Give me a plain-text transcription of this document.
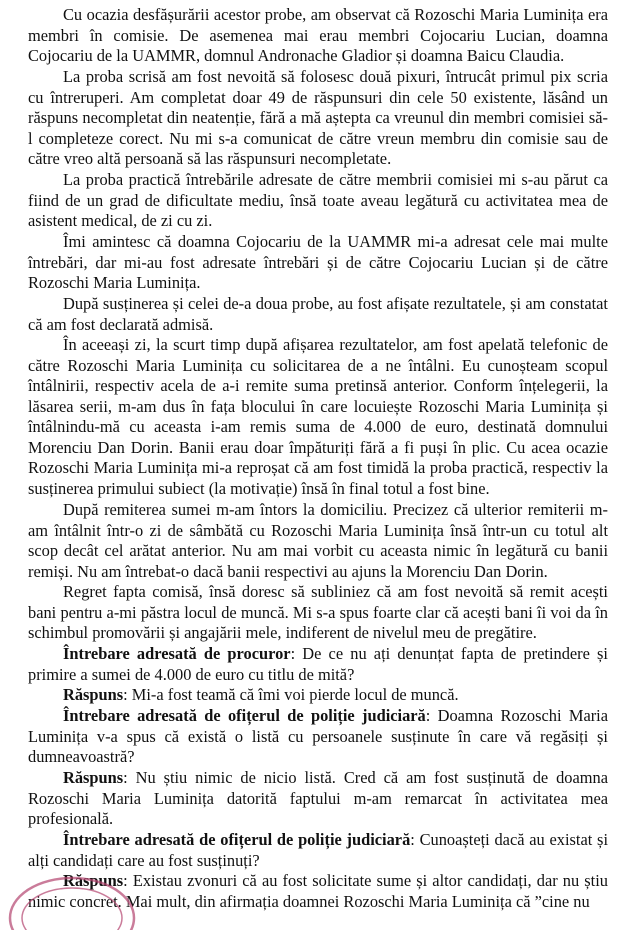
Cu ocazia desfășurării acestor probe, am observat că Rozoschi Maria Luminița era membri în comisie. De asemenea mai erau membri Cojocariu Lucian, doamna Cojocariu de la UAMMR, domnul Andronache Gladior și doamna Baicu Claudia.

La proba scrisă am fost nevoită să folosesc două pixuri, întrucât primul pix scria cu întreruperi. Am completat doar 49 de răspunsuri din cele 50 existente, lăsând un răspuns necompletat din neatenție, fără a mă aștepta ca vreunul din membri comisiei să-l completeze corect. Nu mi s-a comunicat de către vreun membru din comisie sau de către vreo altă persoană să las răspunsuri necompletate.

La proba practică întrebările adresate de către membrii comisiei mi s-au părut ca fiind de un grad de dificultate mediu, însă toate aveau legătură cu activitatea mea de asistent medical, de zi cu zi.

Îmi amintesc că doamna Cojocariu de la UAMMR mi-a adresat cele mai multe întrebări, dar mi-au fost adresate întrebări și de către Cojocariu Lucian și de către Rozoschi Maria Luminița.

După susținerea și celei de-a doua probe, au fost afișate rezultatele, și am constatat că am fost declarată admisă.

În aceeași zi, la scurt timp după afișarea rezultatelor, am fost apelată telefonic de către Rozoschi Maria Luminița cu solicitarea de a ne întâlni. Eu cunoșteam scopul întâlnirii, respectiv acela de a-i remite suma pretinsă anterior. Conform înțelegerii, la lăsarea serii, m-am dus în fața blocului în care locuiește Rozoschi Maria Luminița și întâlnindu-mă cu aceasta i-am remis suma de 4.000 de euro, destinată domnului Morenciu Dan Dorin. Banii erau doar împăturiți fără a fi puși în plic. Cu acea ocazie Rozoschi Maria Luminița mi-a reproșat că am fost timidă la proba practică, respectiv la susținerea primului subiect (la motivație) însă în final totul a fost bine.

După remiterea sumei m-am întors la domiciliu. Precizez că ulterior remiterii m-am întâlnit într-o zi de sâmbătă cu Rozoschi Maria Luminița însă într-un cu totul alt scop decât cel arătat anterior. Nu am mai vorbit cu aceasta nimic în legătură cu banii remiși. Nu am întrebat-o dacă banii respectivi au ajuns la Morenciu Dan Dorin.

Regret fapta comisă, însă doresc să subliniez că am fost nevoită să remit acești bani pentru a-mi păstra locul de muncă. Mi s-a spus foarte clar că acești bani îi voi da în schimbul promovării și angajării mele, indiferent de nivelul meu de pregătire.

Întrebare adresată de procuror: De ce nu ați denunțat fapta de pretindere și primire a sumei de 4.000 de euro cu titlu de mită?

Răspuns: Mi-a fost teamă că îmi voi pierde locul de muncă.

Întrebare adresată de ofițerul de poliție judiciară: Doamna Rozoschi Maria Luminița v-a spus că există o listă cu persoanele susținute în care vă regăsiți și dumneavoastră?

Răspuns: Nu știu nimic de nicio listă. Cred că am fost susținută de doamna Rozoschi Maria Luminița datorită faptului m-am remarcat în activitatea mea profesională.

Întrebare adresată de ofițerul de poliție judiciară: Cunoașteți dacă au existat și alți candidați care au fost susținuți?

Răspuns: Existau zvonuri că au fost solicitate sume și altor candidați, dar nu știu nimic concret. Mai mult, din afirmația doamnei Rozoschi Maria Luminița că ”cine nu
